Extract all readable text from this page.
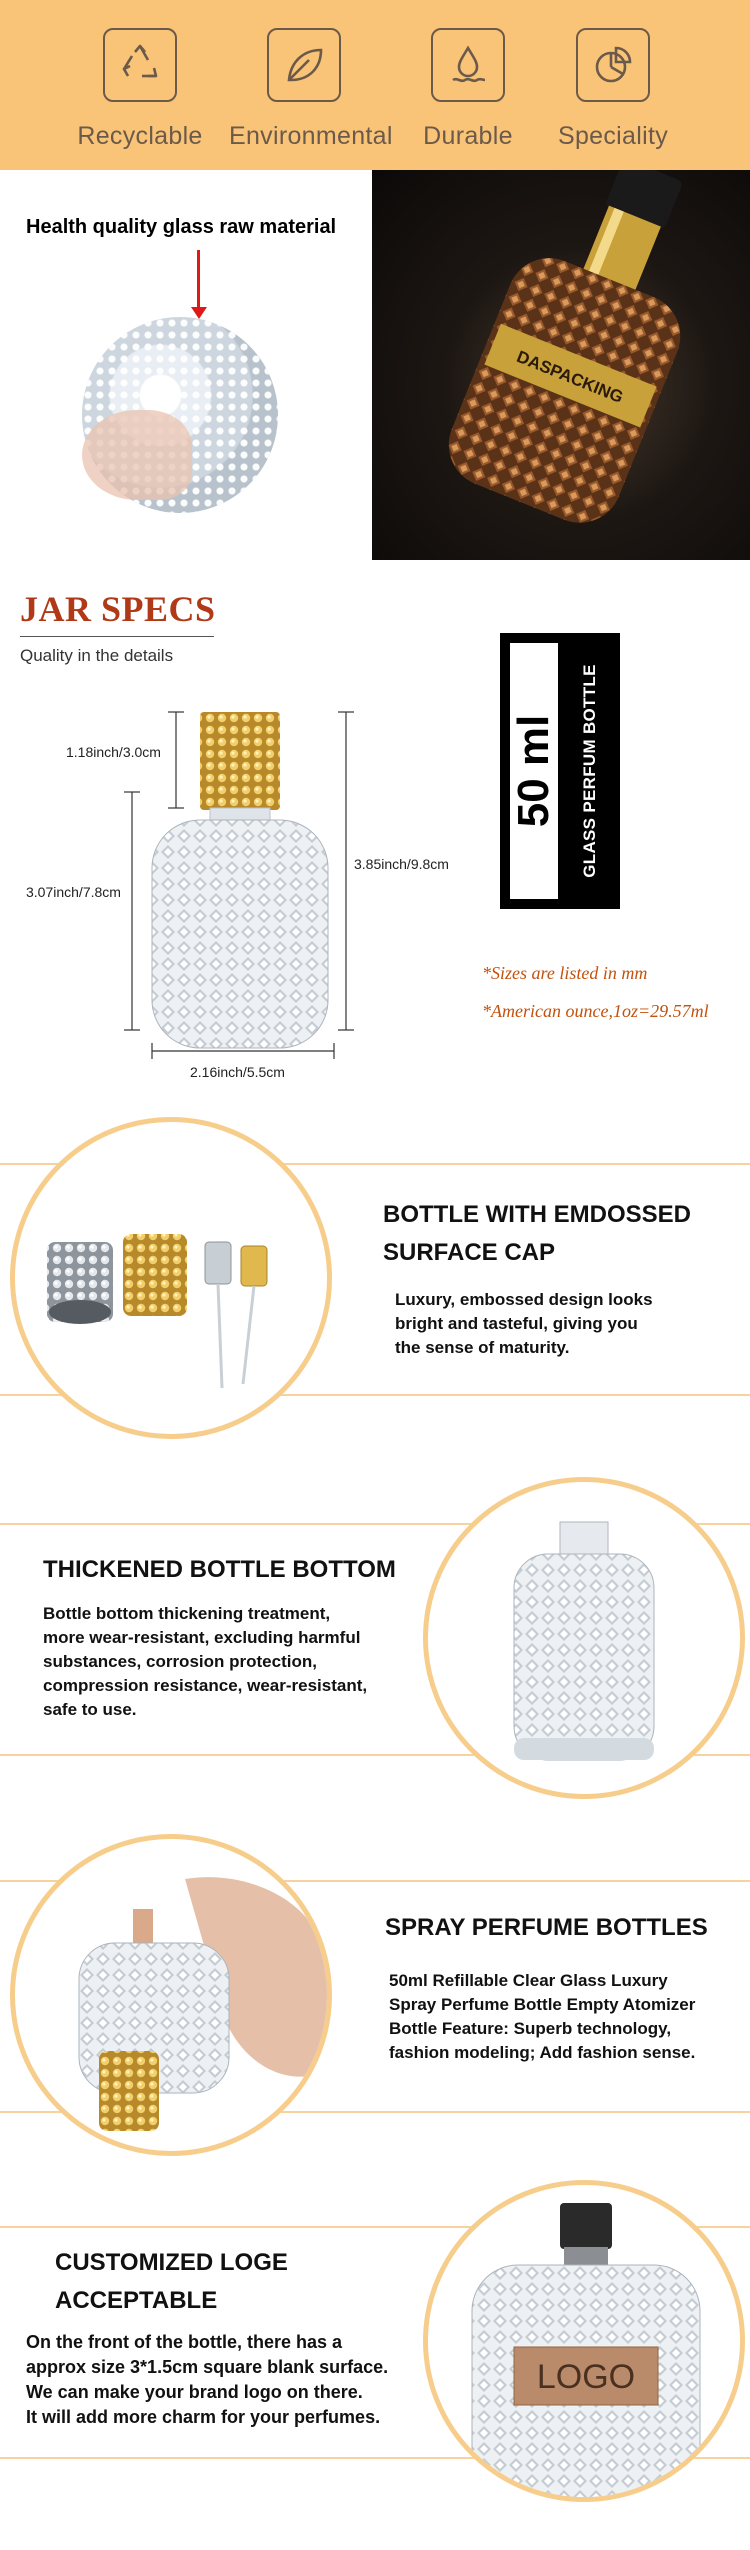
Recyclable	Environmental	Durable	Speciality
Health quality glass raw material
DASPACKING
JAR SPECS
Quality in the details
1.18inch/3.0cm
3.07inch/7.8cm
3.85inch/9.8cm
2.16inch/5.5cm
50 ml GLASS PERFUM BOTTLE
*Sizes are listed in mm
*American ounce,1oz=29.57ml
BOTTLE WITH EMDOSSED
SURFACE CAP
Luxury, embossed design looks
bright and tasteful, giving you
the sense of maturity.
THICKENED BOTTLE BOTTOM
Bottle bottom thickening treatment,
more wear-resistant, excluding harmful
substances, corrosion protection,
compression resistance, wear-resistant,
safe to use.
SPRAY PERFUME BOTTLES
50ml Refillable Clear Glass Luxury
Spray Perfume Bottle Empty Atomizer
Bottle Feature: Superb technology,
fashion modeling; Add fashion sense.
LOGO
CUSTOMIZED LOGE
ACCEPTABLE
On the front of the bottle, there has a
approx size 3*1.5cm square blank surface.
We can make your brand logo on there.
It will add more charm for your perfumes.
